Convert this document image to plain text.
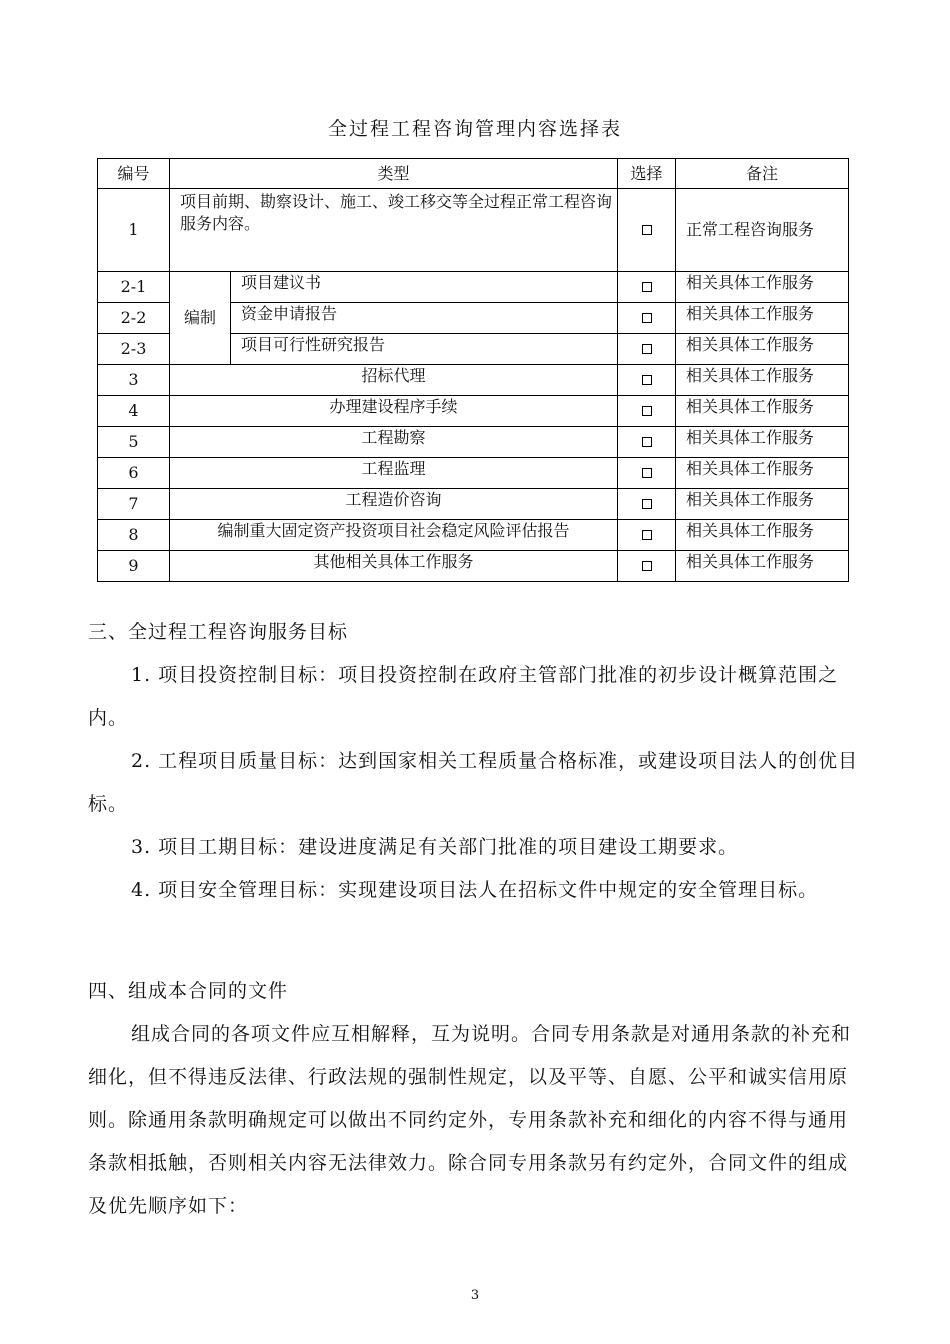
全过程工程咨询管理内容选择表
编号	类型		选择	备注
1	项目前期、勘察设计、施工、竣工移交等全过程正常工程咨询服务内容。			正常工程咨询服务
2-1	编制	项目建议书		相关具体工作服务
2-2		资金申请报告		相关具体工作服务
2-3		项目可行性研究报告		相关具体工作服务
3	招标代理			相关具体工作服务
4	办理建设程序手续			相关具体工作服务
5	工程勘察			相关具体工作服务
6	工程监理			相关具体工作服务
7	工程造价咨询			相关具体工作服务
8	编制重大固定资产投资项目社会稳定风险评估报告			相关具体工作服务
9	其他相关具体工作服务			相关具体工作服务

三、全过程工程咨询服务目标

1. 项目投资控制目标：项目投资控制在政府主管部门批准的初步设计概算范围之内。

2. 工程项目质量目标：达到国家相关工程质量合格标准，或建设项目法人的创优目标。

3. 项目工期目标：建设进度满足有关部门批准的项目建设工期要求。

4. 项目安全管理目标：实现建设项目法人在招标文件中规定的安全管理目标。

四、组成本合同的文件

组成合同的各项文件应互相解释，互为说明。合同专用条款是对通用条款的补充和细化，但不得违反法律、行政法规的强制性规定，以及平等、自愿、公平和诚实信用原则。除通用条款明确规定可以做出不同约定外，专用条款补充和细化的内容不得与通用条款相抵触，否则相关内容无法律效力。除合同专用条款另有约定外，合同文件的组成及优先顺序如下：

3
